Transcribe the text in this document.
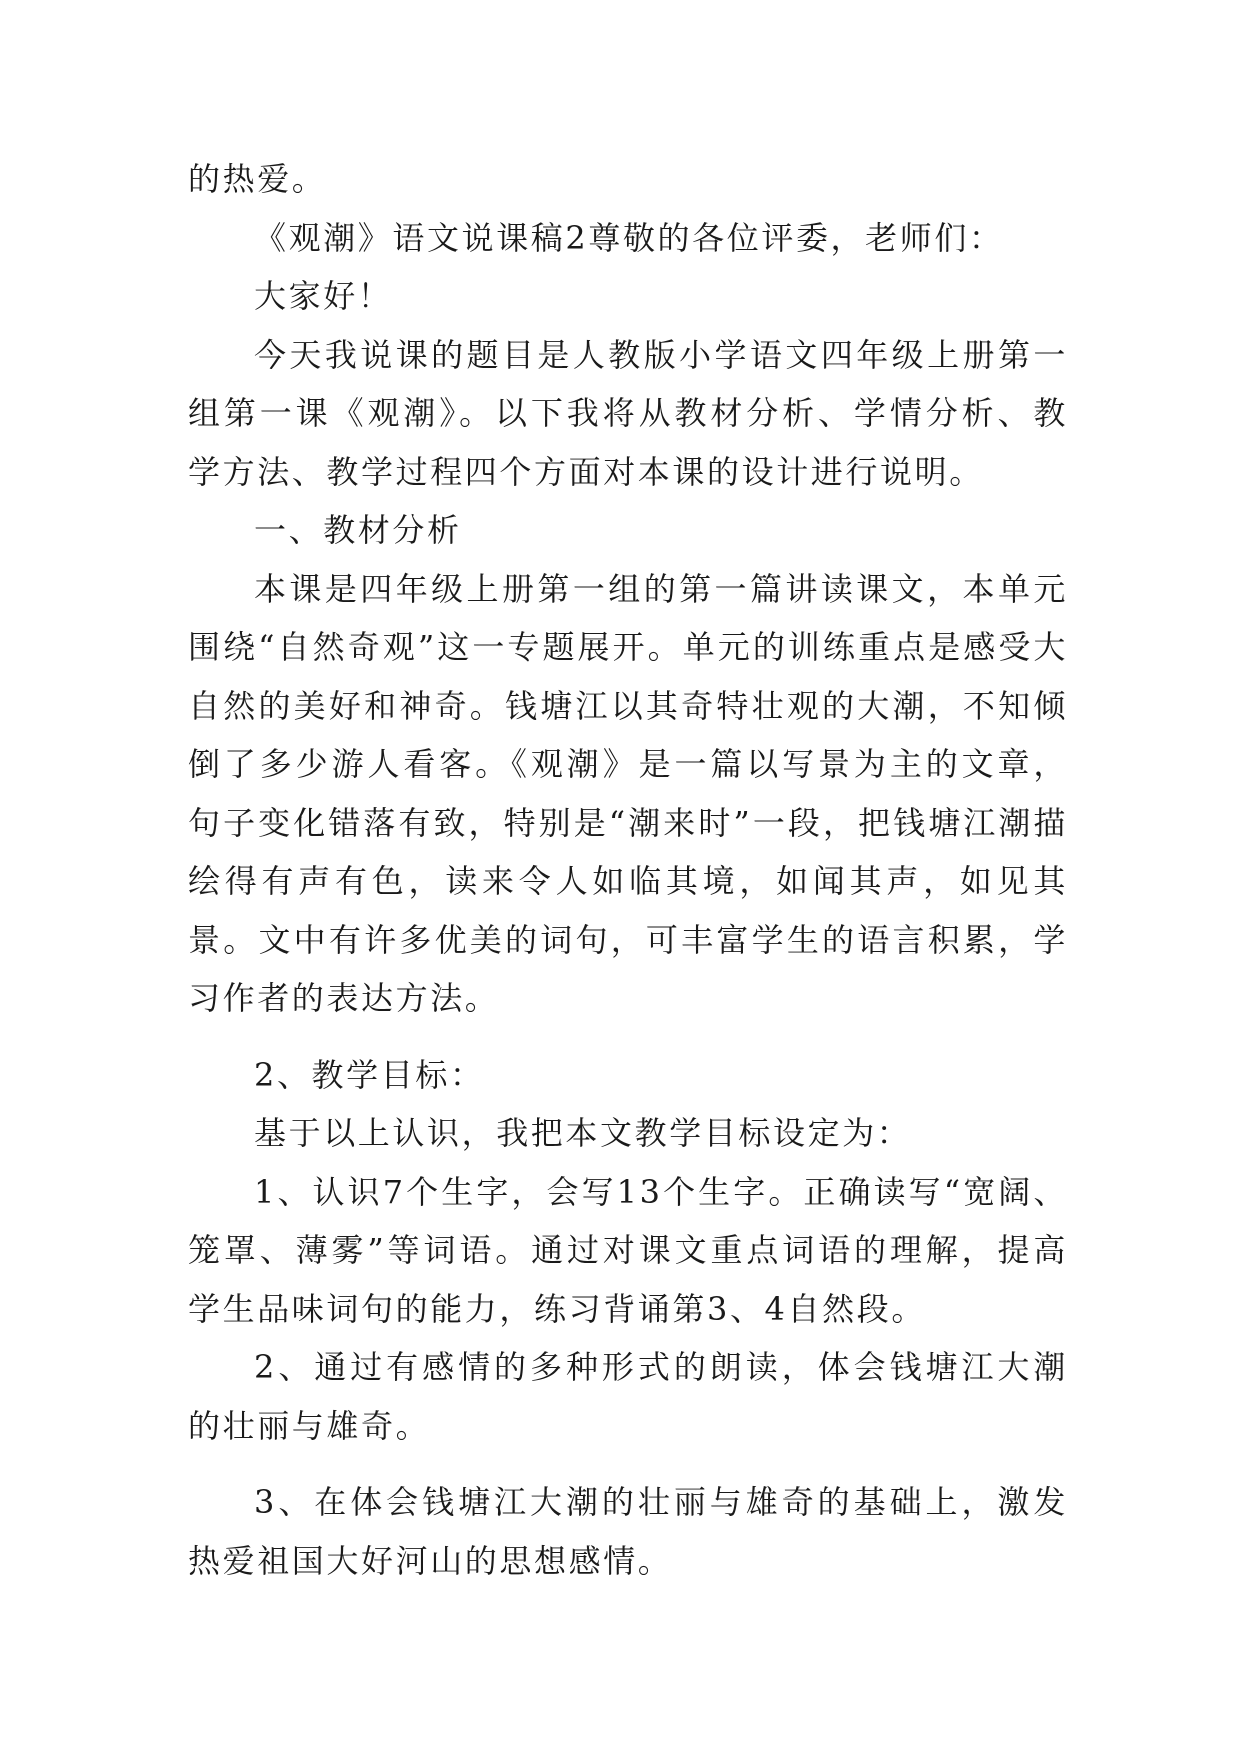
的热爱。

《观潮》语文说课稿2尊敬的各位评委，老师们：

大家好！

今天我说课的题目是人教版小学语文四年级上册第一组第一课《观潮》。以下我将从教材分析、学情分析、教学方法、教学过程四个方面对本课的设计进行说明。

一、教材分析

本课是四年级上册第一组的第一篇讲读课文，本单元围绕“自然奇观”这一专题展开。单元的训练重点是感受大自然的美好和神奇。钱塘江以其奇特壮观的大潮，不知倾倒了多少游人看客。《观潮》是一篇以写景为主的文章，句子变化错落有致，特别是“潮来时”一段，把钱塘江潮描绘得有声有色，读来令人如临其境，如闻其声，如见其景。文中有许多优美的词句，可丰富学生的语言积累，学习作者的表达方法。

2、教学目标：

基于以上认识，我把本文教学目标设定为：

1、认识7个生字，会写13个生字。正确读写“宽阔、笼罩、薄雾”等词语。通过对课文重点词语的理解，提高学生品味词句的能力，练习背诵第3、4自然段。

2、通过有感情的多种形式的朗读，体会钱塘江大潮的壮丽与雄奇。

3、在体会钱塘江大潮的壮丽与雄奇的基础上，激发热爱祖国大好河山的思想感情。
